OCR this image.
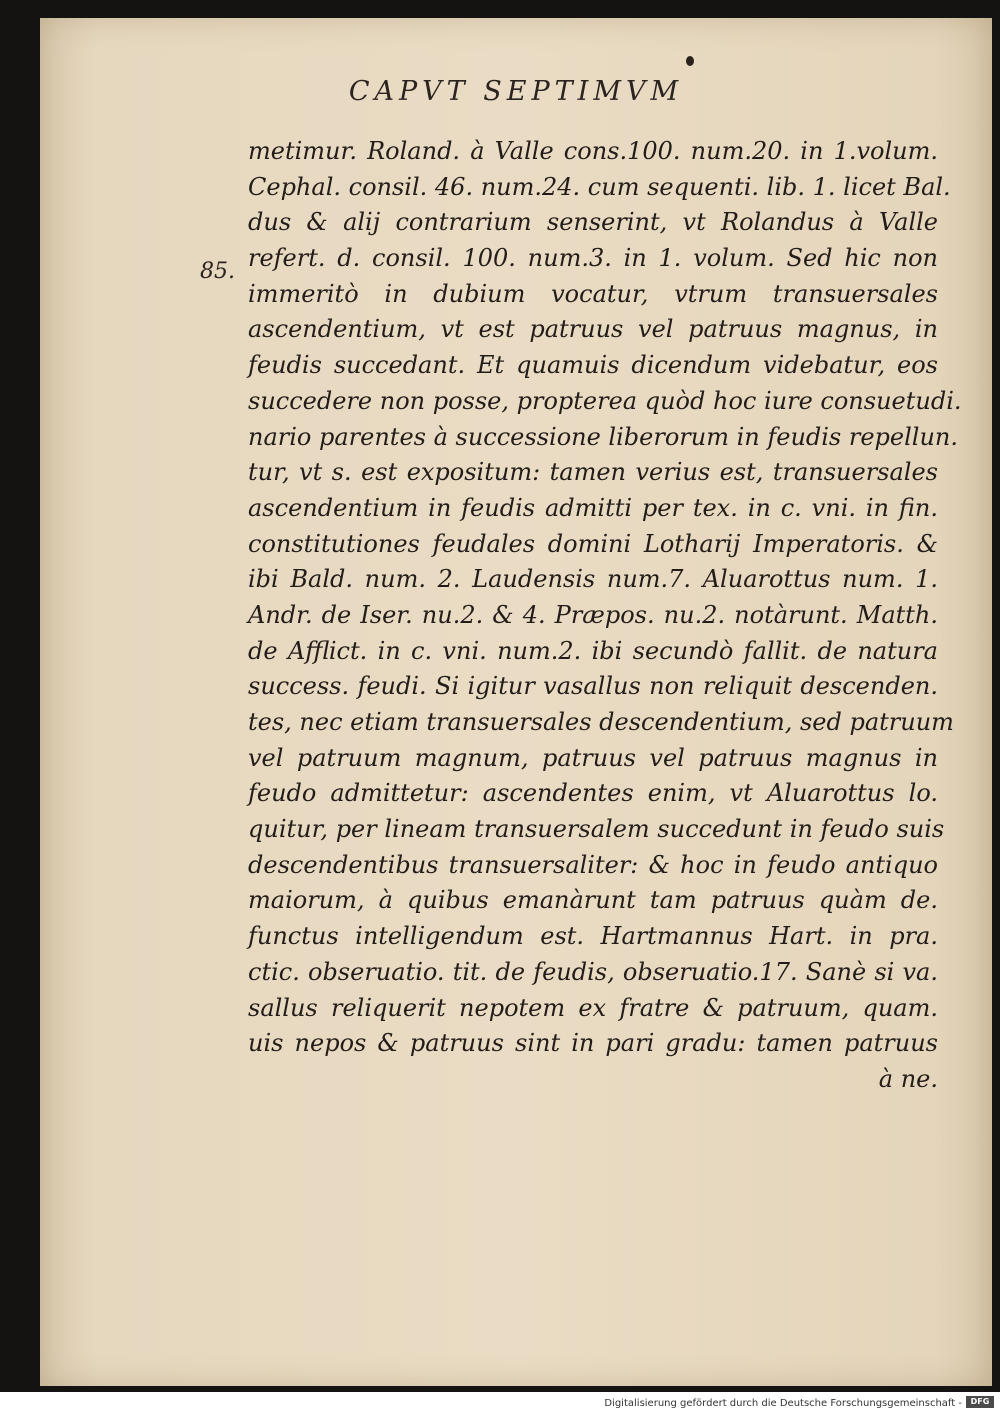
CAPVT SEPTIMVM
85.
metimur. Roland. à Valle cons.100. num.20. in 1.volum.
Cephal. consil. 46. num.24. cum sequenti. lib. 1. licet Bal.
dus & alij contrarium senserint, vt Rolandus à Valle
refert. d. consil. 100. num.3. in 1. volum. Sed hic non
immeritò in dubium vocatur, vtrum transuersales
ascendentium, vt est patruus vel patruus magnus, in
feudis succedant. Et quamuis dicendum videbatur, eos
succedere non posse, propterea quòd hoc iure consuetudi.
nario parentes à successione liberorum in feudis repellun.
tur, vt s. est expositum: tamen verius est, transuersales
ascendentium in feudis admitti per tex. in c. vni. in fin.
constitutiones feudales domini Lotharij Imperatoris. &
ibi Bald. num. 2. Laudensis num.7. Aluarottus num. 1.
Andr. de Iser. nu.2. & 4. Præpos. nu.2. notàrunt. Matth.
de Afflict. in c. vni. num.2. ibi secundò fallit. de natura
success. feudi. Si igitur vasallus non reliquit descenden.
tes, nec etiam transuersales descendentium, sed patruum
vel patruum magnum, patruus vel patruus magnus in
feudo admittetur: ascendentes enim, vt Aluarottus lo.
quitur, per lineam transuersalem succedunt in feudo suis
descendentibus transuersaliter: & hoc in feudo antiquo
maiorum, à quibus emanàrunt tam patruus quàm de.
functus intelligendum est. Hartmannus Hart. in pra.
ctic. obseruatio. tit. de feudis, obseruatio.17. Sanè si va.
sallus reliquerit nepotem ex fratre & patruum, quam.
uis nepos & patruus sint in pari gradu: tamen patruus
à ne.
Digitalisierung gefördert durch die Deutsche Forschungsgemeinschaft -	DFG
